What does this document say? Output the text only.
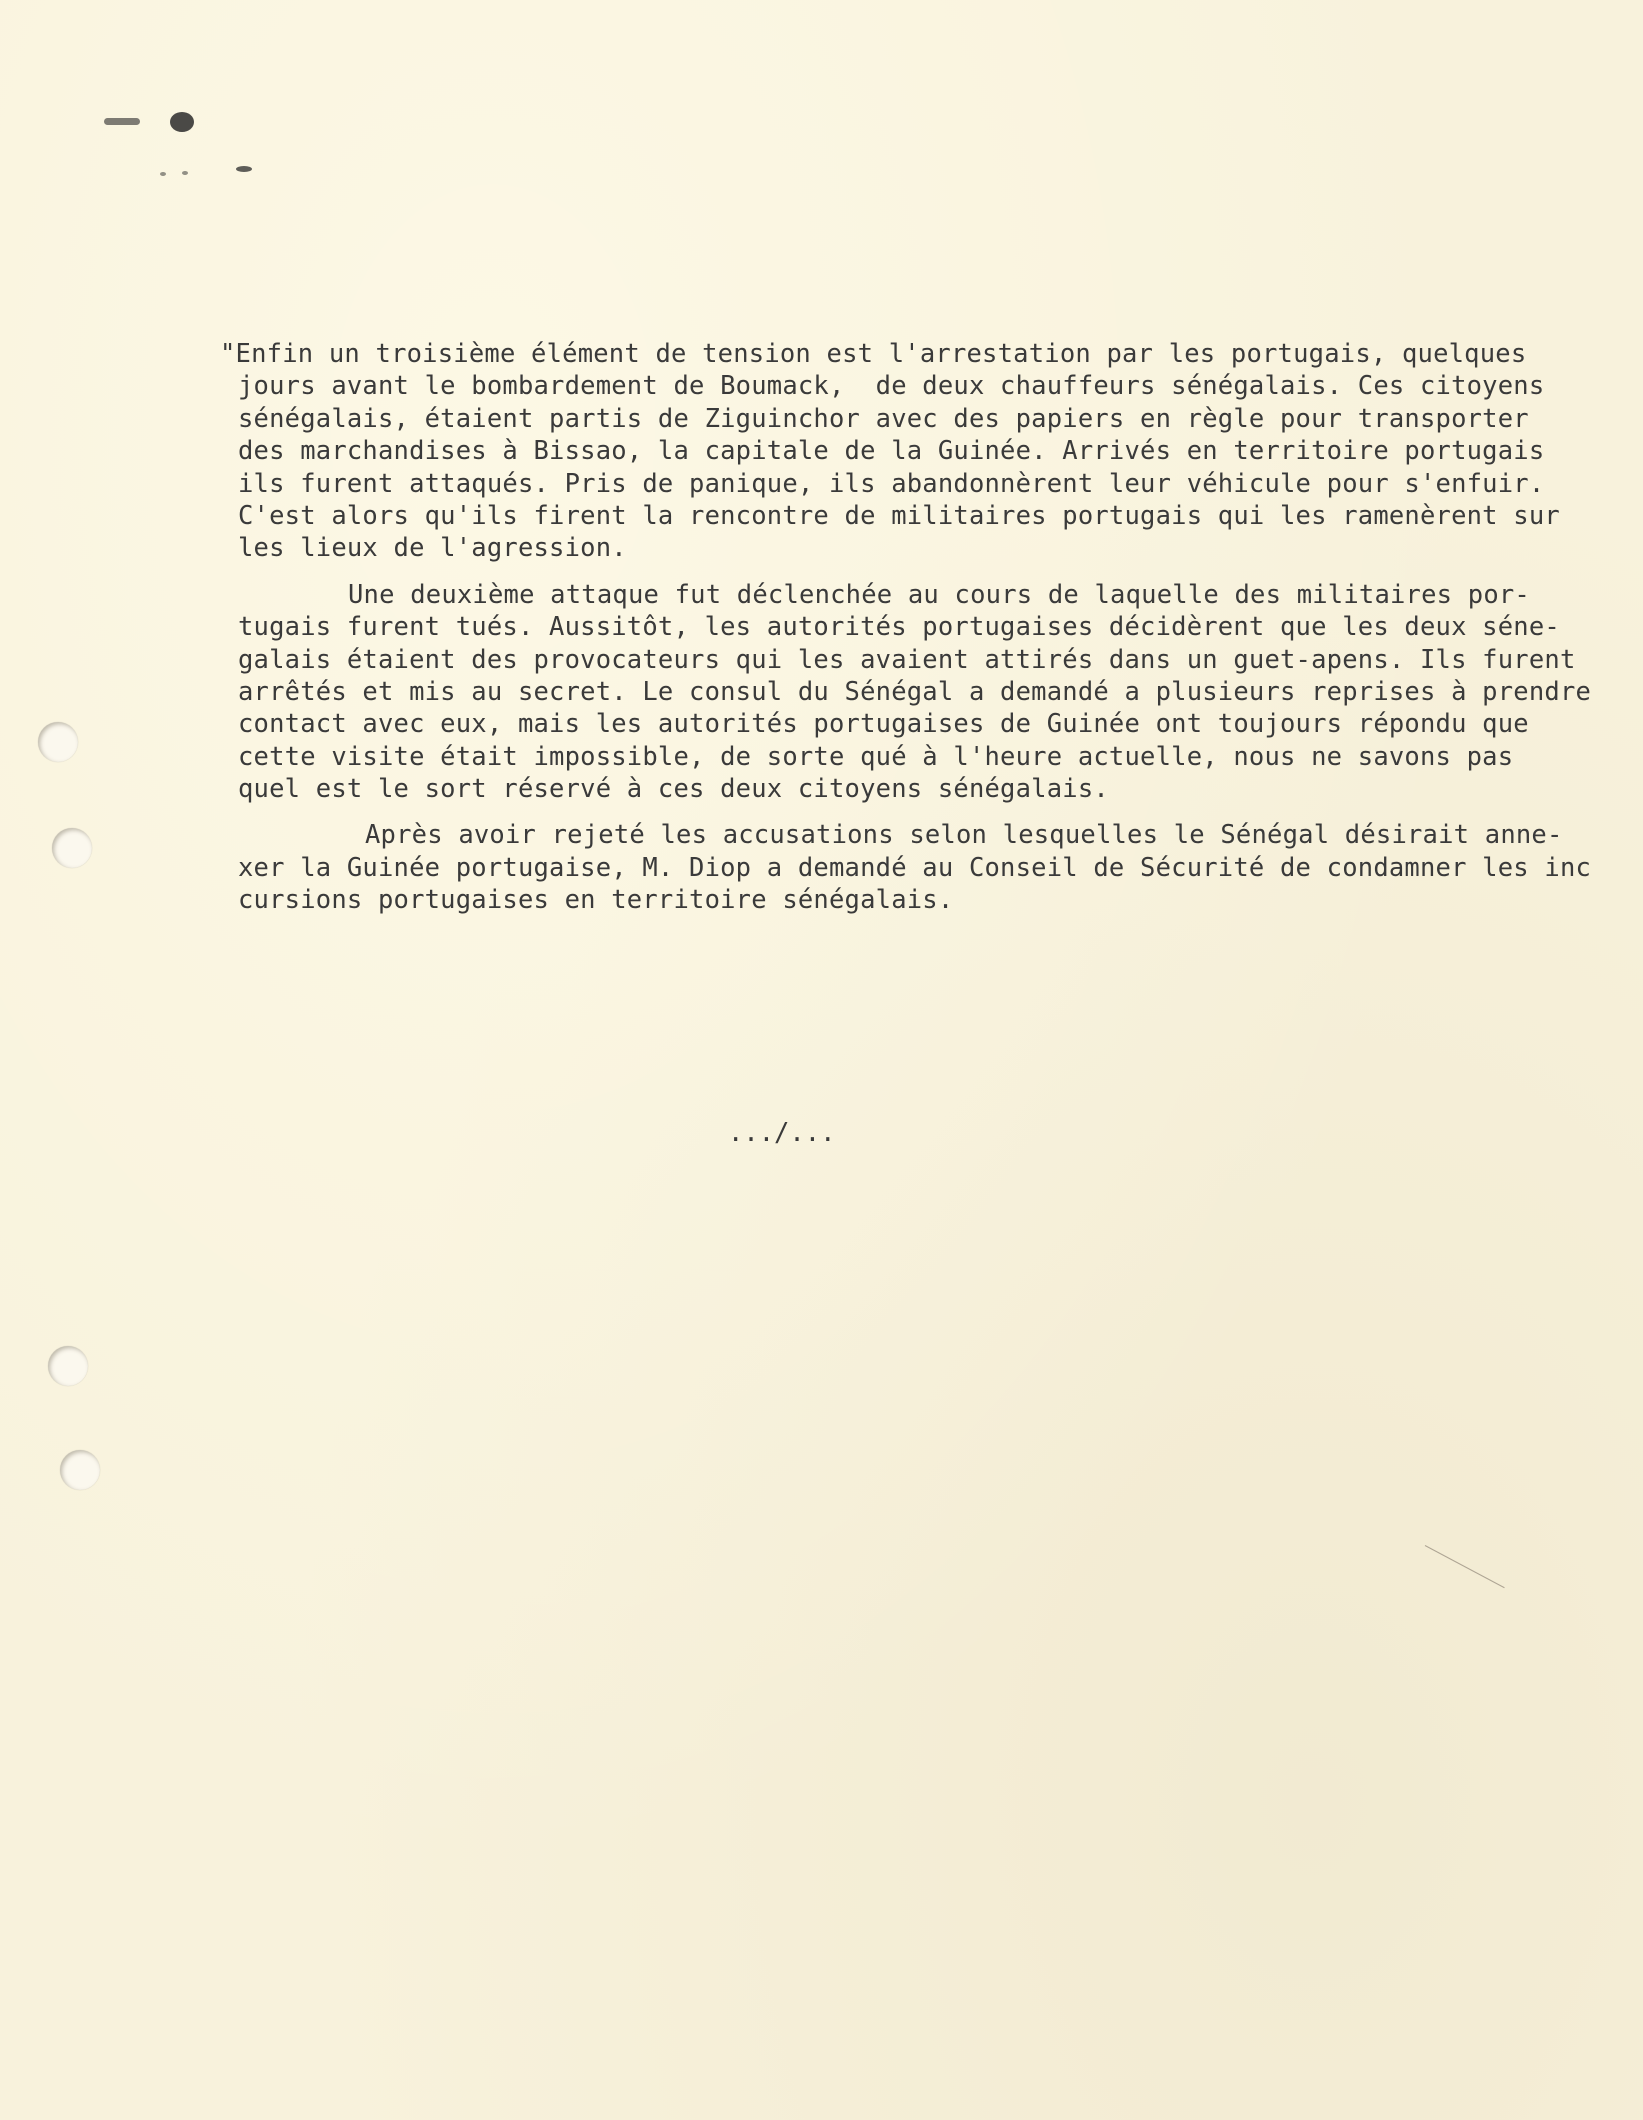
"Enfin un troisième élément de tension est l'arrestation par les portugais, quelques
jours avant le bombardement de Boumack,  de deux chauffeurs sénégalais. Ces citoyens
sénégalais, étaient partis de Ziguinchor avec des papiers en règle pour transporter
des marchandises à Bissao, la capitale de la Guinée. Arrivés en territoire portugais
ils furent attaqués. Pris de panique, ils abandonnèrent leur véhicule pour s'enfuir.
C'est alors qu'ils firent la rencontre de militaires portugais qui les ramenèrent sur
les lieux de l'agression.
Une deuxième attaque fut déclenchée au cours de laquelle des militaires por-
tugais furent tués. Aussitôt, les autorités portugaises décidèrent que les deux séne-
galais étaient des provocateurs qui les avaient attirés dans un guet-apens. Ils furent
arrêtés et mis au secret. Le consul du Sénégal a demandé a plusieurs reprises à prendre
contact avec eux, mais les autorités portugaises de Guinée ont toujours répondu que
cette visite était impossible, de sorte qué à l'heure actuelle, nous ne savons pas
quel est le sort réservé à ces deux citoyens sénégalais.
Après avoir rejeté les accusations selon lesquelles le Sénégal désirait anne-
xer la Guinée portugaise, M. Diop a demandé au Conseil de Sécurité de condamner les inc
cursions portugaises en territoire sénégalais.
.../...
